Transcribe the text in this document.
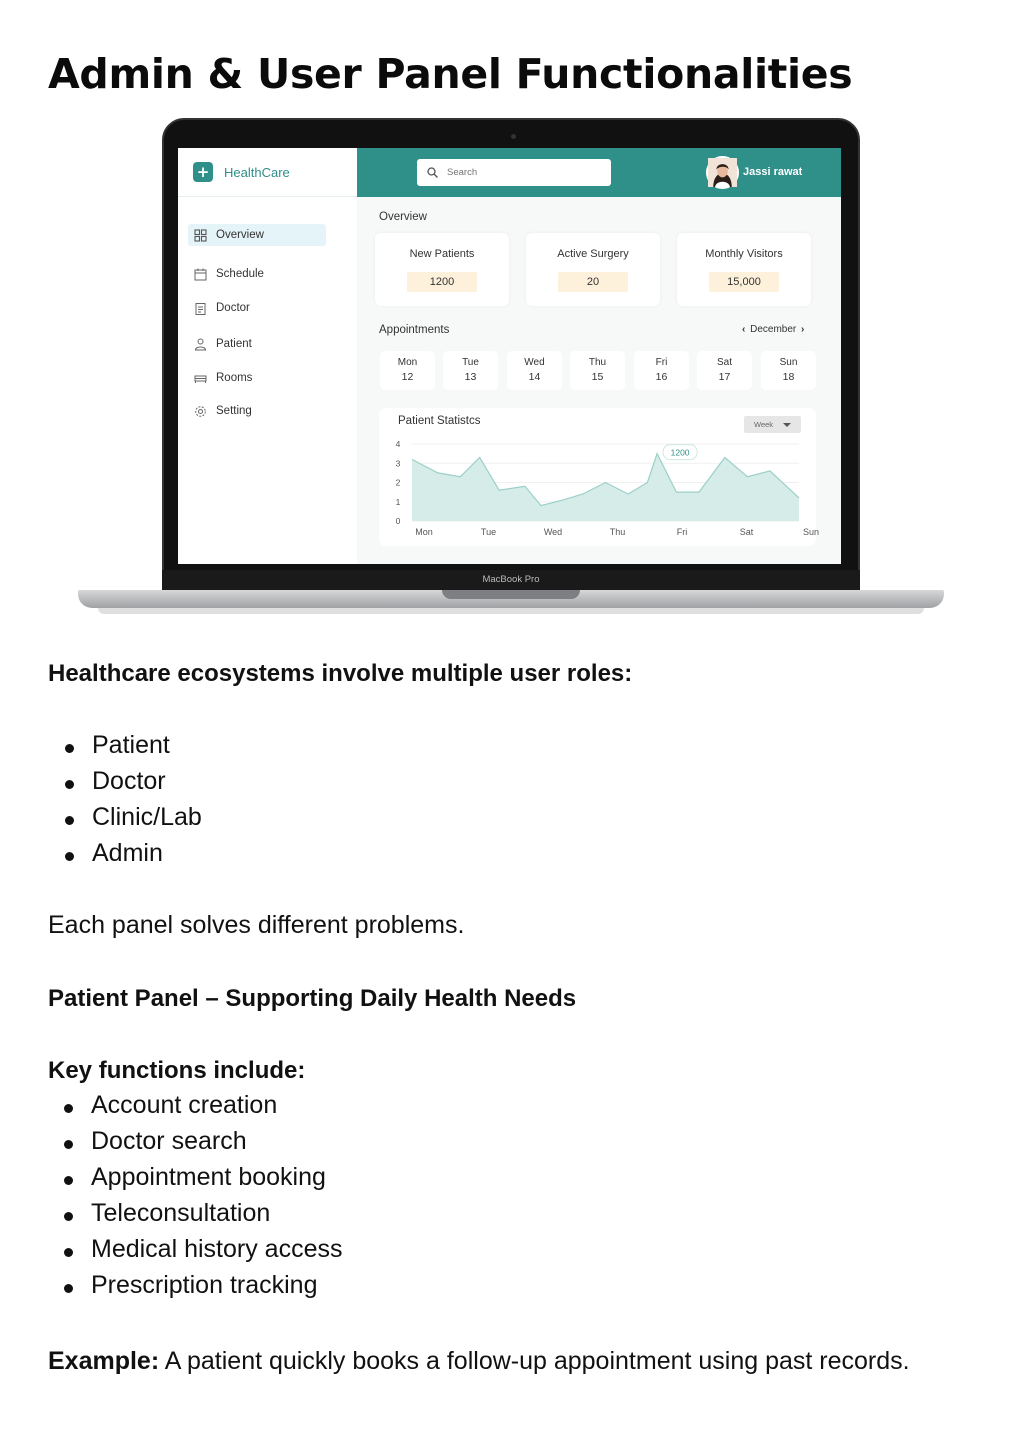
Admin & User Panel Functionalities
MacBook Pro
+ HealthCare
Overview
Schedule
Doctor
Patient
Rooms
Setting
Search
Jassi rawat
Overview
New Patients
1200
Active Surgery
20
Monthly Visitors
15,000
Appointments	‹ December ›
Mon
12
Tue
13
Wed
14
Thu
15
Fri
16
Sat
17
Sun
18
0
1
2
3
4
Mon	Tue	Wed	Thu	Fri	Sat	Sun
1200
Patient Statistcs	Week
Healthcare ecosystems involve multiple user roles:
Patient
Doctor
Clinic/Lab
Admin
Each panel solves different problems.
Patient Panel – Supporting Daily Health Needs
Key functions include:
Account creation
Doctor search
Appointment booking
Teleconsultation
Medical history access
Prescription tracking
Example: A patient quickly books a follow-up appointment using past records.
